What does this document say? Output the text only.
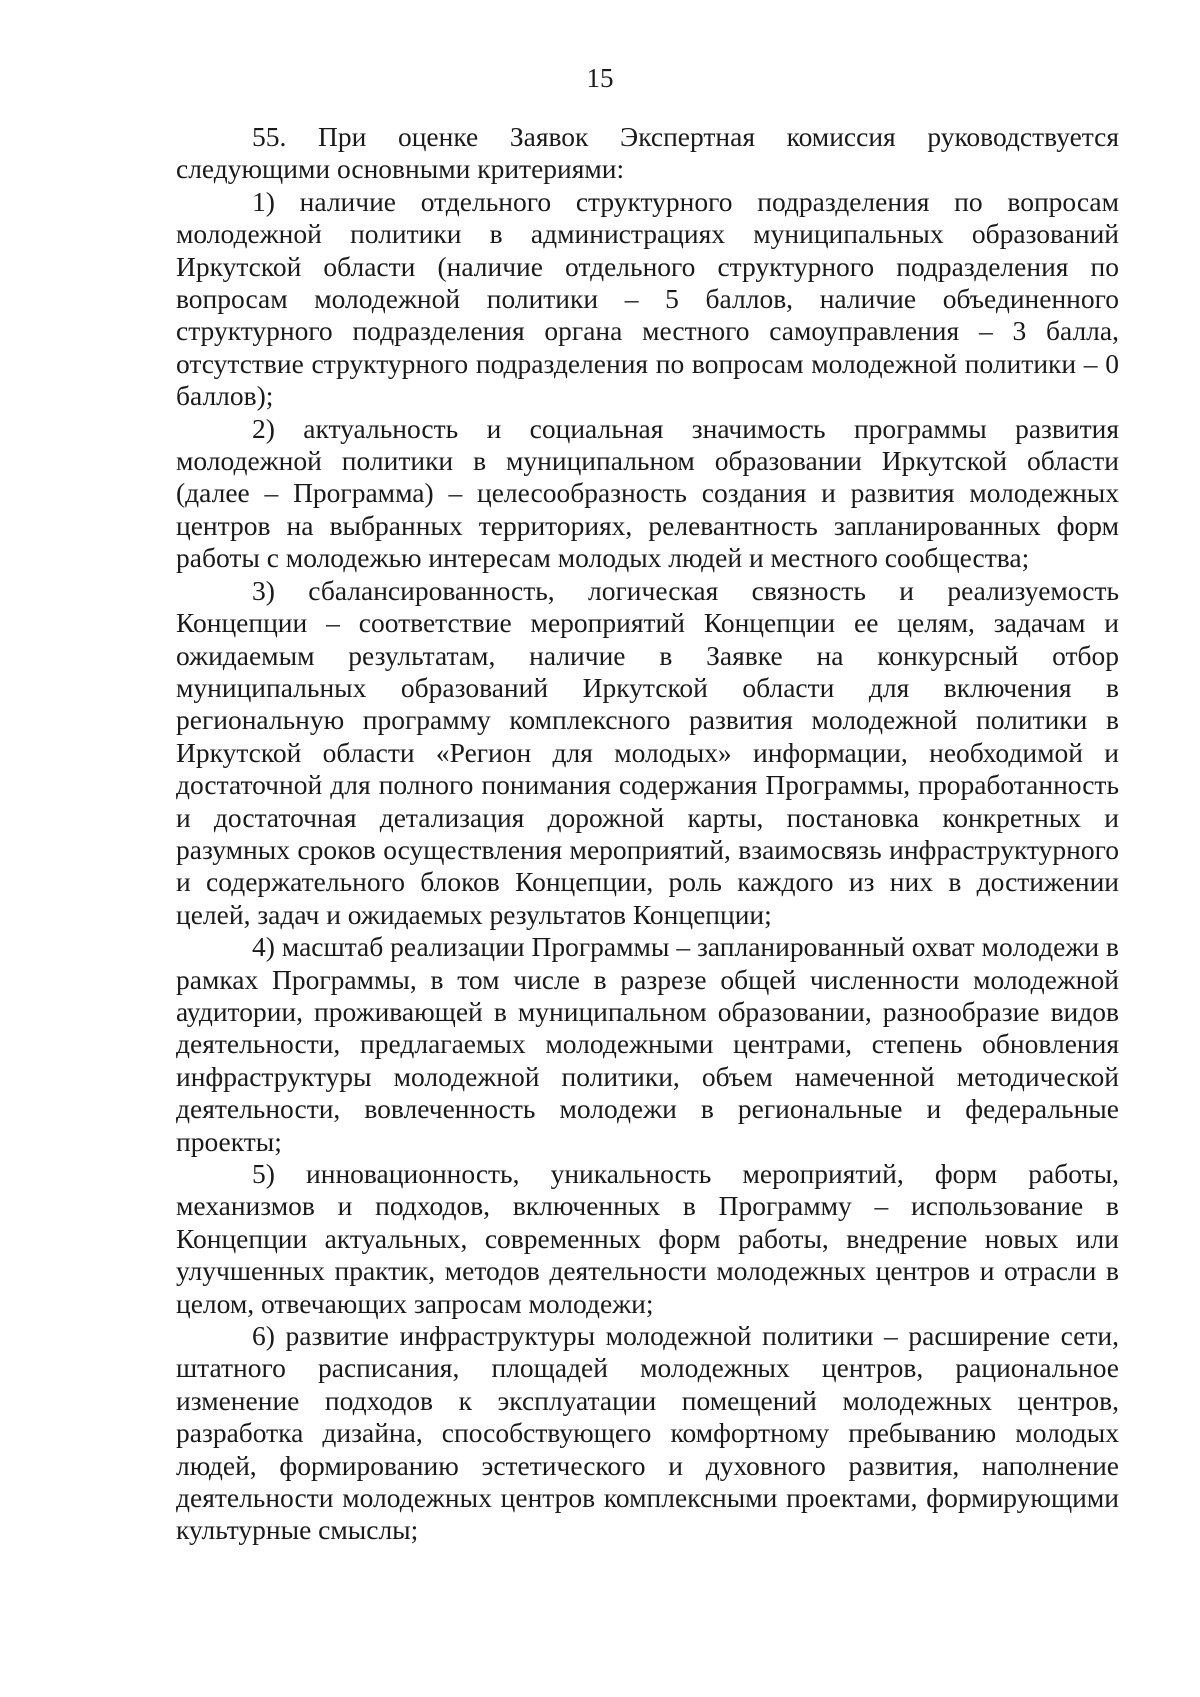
15

55. При оценке Заявок Экспертная комиссия руководствуется следующими основными критериями:

1) наличие отдельного структурного подразделения по вопросам молодежной политики в администрациях муниципальных образований Иркутской области (наличие отдельного структурного подразделения по вопросам молодежной политики – 5 баллов, наличие объединенного структурного подразделения органа местного самоуправления – 3 балла, отсутствие структурного подразделения по вопросам молодежной политики – 0 баллов);

2) актуальность и социальная значимость программы развития молодежной политики в муниципальном образовании Иркутской области (далее – Программа) – целесообразность создания и развития молодежных центров на выбранных территориях, релевантность запланированных форм работы с молодежью интересам молодых людей и местного сообщества;

3) сбалансированность, логическая связность и реализуемость Концепции – соответствие мероприятий Концепции ее целям, задачам и ожидаемым результатам, наличие в Заявке на конкурсный отбор муниципальных образований Иркутской области для включения в региональную программу комплексного развития молодежной политики в Иркутской области «Регион для молодых» информации, необходимой и достаточной для полного понимания содержания Программы, проработанность и достаточная детализация дорожной карты, постановка конкретных и разумных сроков осуществления мероприятий, взаимосвязь инфраструктурного и содержательного блоков Концепции, роль каждого из них в достижении целей, задач и ожидаемых результатов Концепции;

4) масштаб реализации Программы – запланированный охват молодежи в рамках Программы, в том числе в разрезе общей численности молодежной аудитории, проживающей в муниципальном образовании, разнообразие видов деятельности, предлагаемых молодежными центрами, степень обновления инфраструктуры молодежной политики, объем намеченной методической деятельности, вовлеченность молодежи в региональные и федеральные проекты;

5) инновационность, уникальность мероприятий, форм работы, механизмов и подходов, включенных в Программу – использование в Концепции актуальных, современных форм работы, внедрение новых или улучшенных практик, методов деятельности молодежных центров и отрасли в целом, отвечающих запросам молодежи;

6) развитие инфраструктуры молодежной политики – расширение сети, штатного расписания, площадей молодежных центров, рациональное изменение подходов к эксплуатации помещений молодежных центров, разработка дизайна, способствующего комфортному пребыванию молодых людей, формированию эстетического и духовного развития, наполнение деятельности молодежных центров комплексными проектами, формирующими культурные смыслы;
